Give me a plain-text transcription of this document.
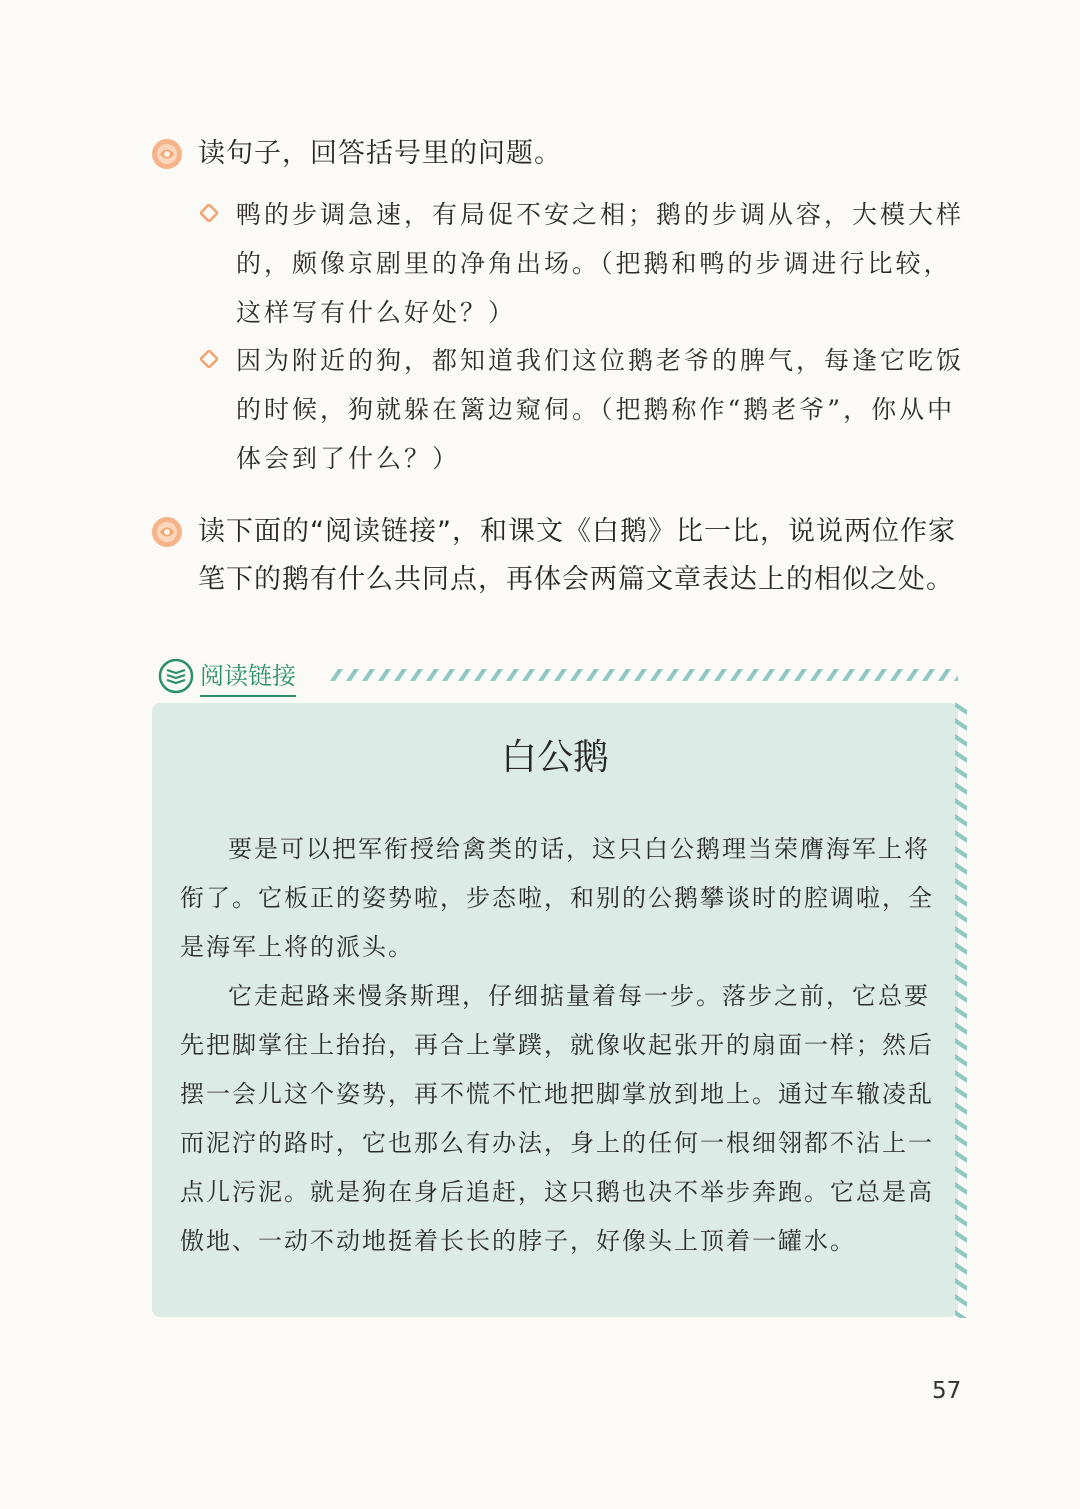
读句子，回答括号里的问题。
鸭的步调急速，有局促不安之相；鹅的步调从容，大模大样的，颇像京剧里的净角出场。（把鹅和鸭的步调进行比较，这样写有什么好处？）
因为附近的狗，都知道我们这位鹅老爷的脾气，每逢它吃饭的时候，狗就躲在篱边窥伺。（把鹅称作“鹅老爷”，你从中体会到了什么？）
读下面的“阅读链接”，和课文《白鹅》比一比，说说两位作家笔下的鹅有什么共同点，再体会两篇文章表达上的相似之处。
阅读链接
白公鹅

要是可以把军衔授给禽类的话，这只白公鹅理当荣膺海军上将衔了。它板正的姿势啦，步态啦，和别的公鹅攀谈时的腔调啦，全是海军上将的派头。

它走起路来慢条斯理，仔细掂量着每一步。落步之前，它总要先把脚掌往上抬抬，再合上掌蹼，就像收起张开的扇面一样；然后摆一会儿这个姿势，再不慌不忙地把脚掌放到地上。通过车辙凌乱而泥泞的路时，它也那么有办法，身上的任何一根细翎都不沾上一点儿污泥。就是狗在身后追赶，这只鹅也决不举步奔跑。它总是高傲地、一动不动地挺着长长的脖子，好像头上顶着一罐水。

57
